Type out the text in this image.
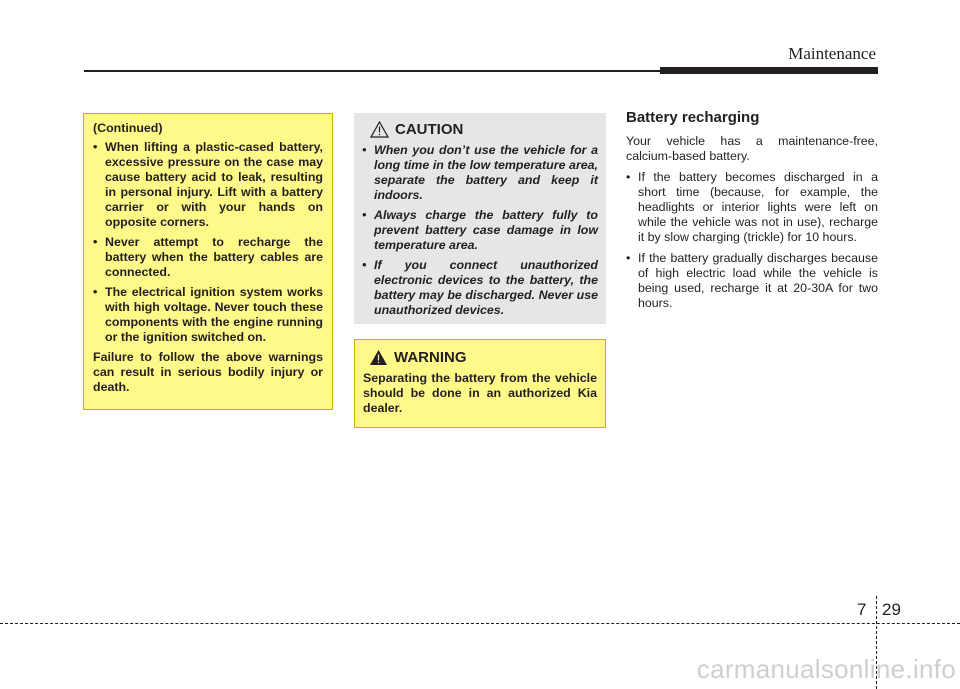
Maintenance
(Continued)
• When lifting a plastic-cased battery, excessive pressure on the case may cause battery acid to leak, resulting in personal injury. Lift with a battery carrier or with your hands on opposite corners.
• Never attempt to recharge the battery when the battery cables are connected.
• The electrical ignition system works with high voltage. Never touch these components with the engine running or the ignition switched on.
Failure to follow the above warnings can result in serious bodily injury or death.
CAUTION
• When you don’t use the vehicle for a long time in the low temperature area, separate the battery and keep it indoors.
• Always charge the battery fully to prevent battery case damage in low temperature area.
• If you connect unauthorized electronic devices to the battery, the battery may be discharged. Never use unauthorized devices.
WARNING
Separating the battery from the vehicle should be done in an authorized Kia dealer.
Battery recharging

Your vehicle has a maintenance-free, calcium-based battery.

• If the battery becomes discharged in a short time (because, for example, the headlights or interior lights were left on while the vehicle was not in use), recharge it by slow charging (trickle) for 10 hours.
• If the battery gradually discharges because of high electric load while the vehicle is being used, recharge it at 20-30A for two hours.
7 29
carmanualsonline.info
